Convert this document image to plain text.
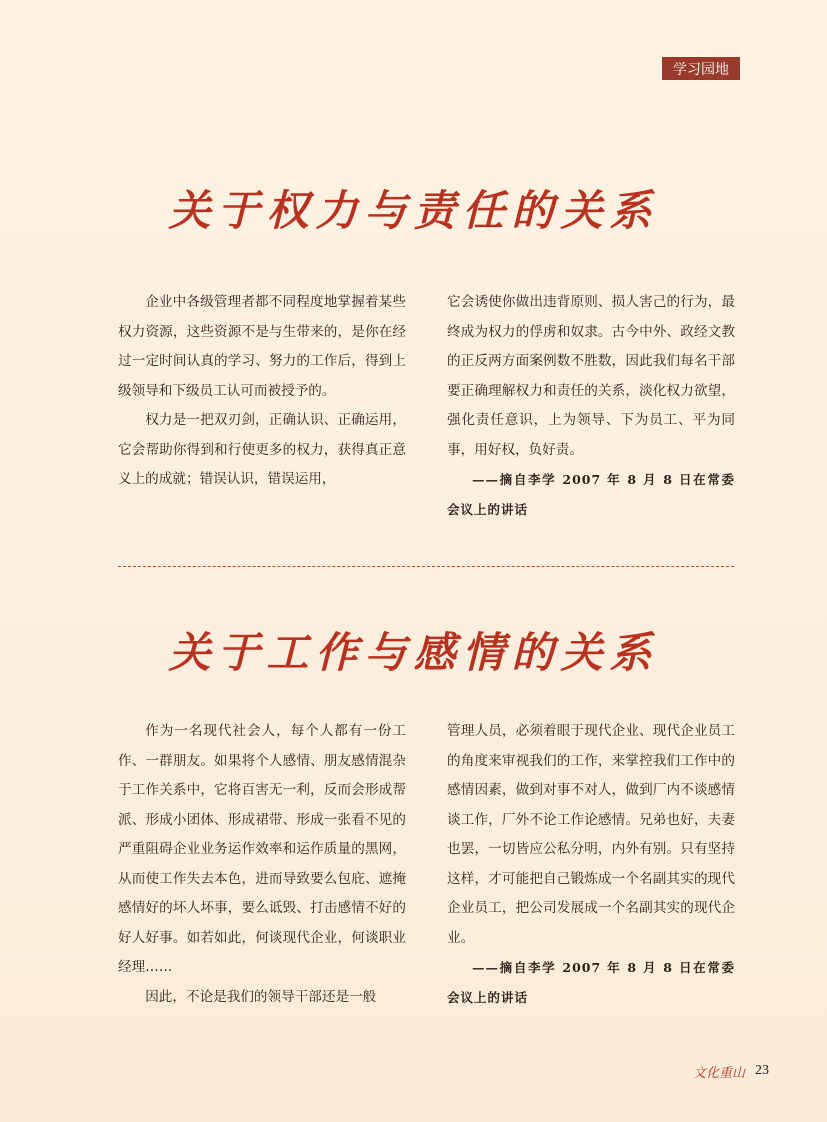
学习园地
关于权力与责任的关系

企业中各级管理者都不同程度地掌握着某些权力资源，这些资源不是与生带来的，是你在经过一定时间认真的学习、努力的工作后，得到上级领导和下级员工认可而被授予的。

权力是一把双刃剑，正确认识、正确运用，它会帮助你得到和行使更多的权力，获得真正意义上的成就；错误认识，错误运用，

它会诱使你做出违背原则、损人害己的行为，最终成为权力的俘虏和奴隶。古今中外、政经文教的正反两方面案例数不胜数，因此我们每名干部要正确理解权力和责任的关系，淡化权力欲望，强化责任意识，上为领导、下为员工、平为同事，用好权，负好责。

——摘自李学 2007 年 8 月 8 日在常委会议上的讲话

关于工作与感情的关系

作为一名现代社会人，每个人都有一份工作、一群朋友。如果将个人感情、朋友感情混杂于工作关系中，它将百害无一利，反而会形成帮派、形成小团体、形成裙带、形成一张看不见的严重阻碍企业业务运作效率和运作质量的黑网，从而使工作失去本色，进而导致要么包庇、遮掩感情好的坏人坏事，要么诋毁、打击感情不好的好人好事。如若如此，何谈现代企业，何谈职业经理……

因此，不论是我们的领导干部还是一般

管理人员，必须着眼于现代企业、现代企业员工的角度来审视我们的工作，来掌控我们工作中的感情因素，做到对事不对人，做到厂内不谈感情谈工作，厂外不论工作论感情。兄弟也好，夫妻也罢，一切皆应公私分明，内外有别。只有坚持这样，才可能把自己锻炼成一个名副其实的现代企业员工，把公司发展成一个名副其实的现代企业。

——摘自李学 2007 年 8 月 8 日在常委会议上的讲话

文化重山 23
